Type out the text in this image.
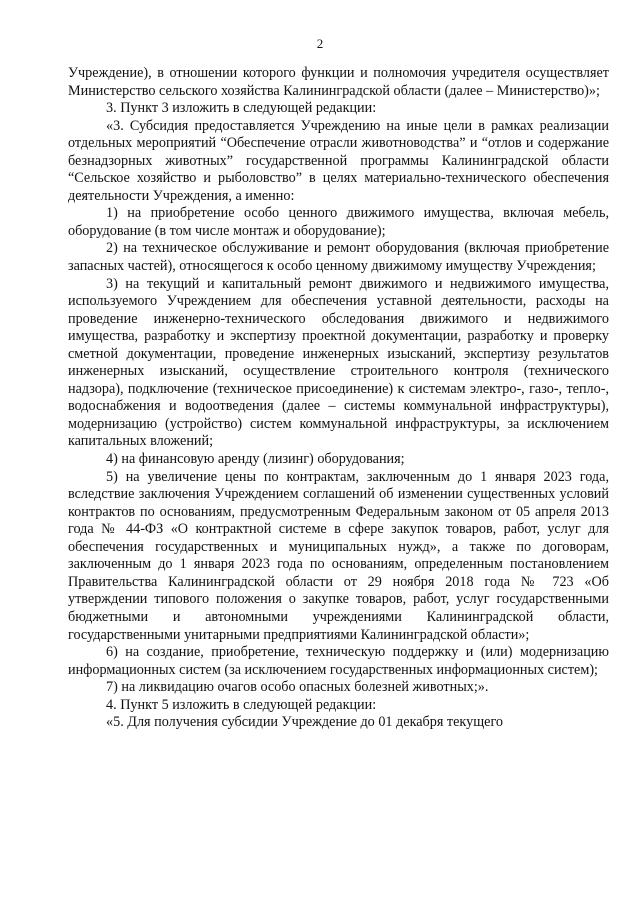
2

Учреждение), в отношении которого функции и полномочия учредителя осуществляет Министерство сельского хозяйства Калининградской области (далее – Министерство)»;

3. Пункт 3 изложить в следующей редакции:

«3. Субсидия предоставляется Учреждению на иные цели в рамках реализации отдельных мероприятий “Обеспечение отрасли животноводства” и “отлов и содержание безнадзорных животных” государственной программы Калининградской области “Сельское хозяйство и рыболовство” в целях материально-технического обеспечения деятельности Учреждения, а именно:

1) на приобретение особо ценного движимого имущества, включая мебель, оборудование (в том числе монтаж и оборудование);

2) на техническое обслуживание и ремонт оборудования (включая приобретение запасных частей), относящегося к особо ценному движимому имуществу Учреждения;

3) на текущий и капитальный ремонт движимого и недвижимого имущества, используемого Учреждением для обеспечения уставной деятельности, расходы на проведение инженерно-технического обследования движимого и недвижимого имущества, разработку и экспертизу проектной документации, разработку и проверку сметной документации, проведение инженерных изысканий, экспертизу результатов инженерных изысканий, осуществление строительного контроля (технического надзора), подключение (техническое присоединение) к системам электро-, газо-, тепло-, водоснабжения и водоотведения (далее – системы коммунальной инфраструктуры), модернизацию (устройство) систем коммунальной инфраструктуры, за исключением капитальных вложений;

4) на финансовую аренду (лизинг) оборудования;

5) на увеличение цены по контрактам, заключенным до 1 января 2023 года, вследствие заключения Учреждением соглашений об изменении существенных условий контрактов по основаниям, предусмотренным Федеральным законом от 05 апреля 2013 года № 44-ФЗ «О контрактной системе в сфере закупок товаров, работ, услуг для обеспечения государственных и муниципальных нужд», а также по договорам, заключенным до 1 января 2023 года по основаниям, определенным постановлением Правительства Калининградской области от 29 ноября 2018 года № 723 «Об утверждении типового положения о закупке товаров, работ, услуг государственными бюджетными и автономными учреждениями Калининградской области, государственными унитарными предприятиями Калининградской области»;

6) на создание, приобретение, техническую поддержку и (или) модернизацию информационных систем (за исключением государственных информационных систем);

7) на ликвидацию очагов особо опасных болезней животных;».

4. Пункт 5 изложить в следующей редакции:

«5. Для получения субсидии Учреждение до 01 декабря текущего
